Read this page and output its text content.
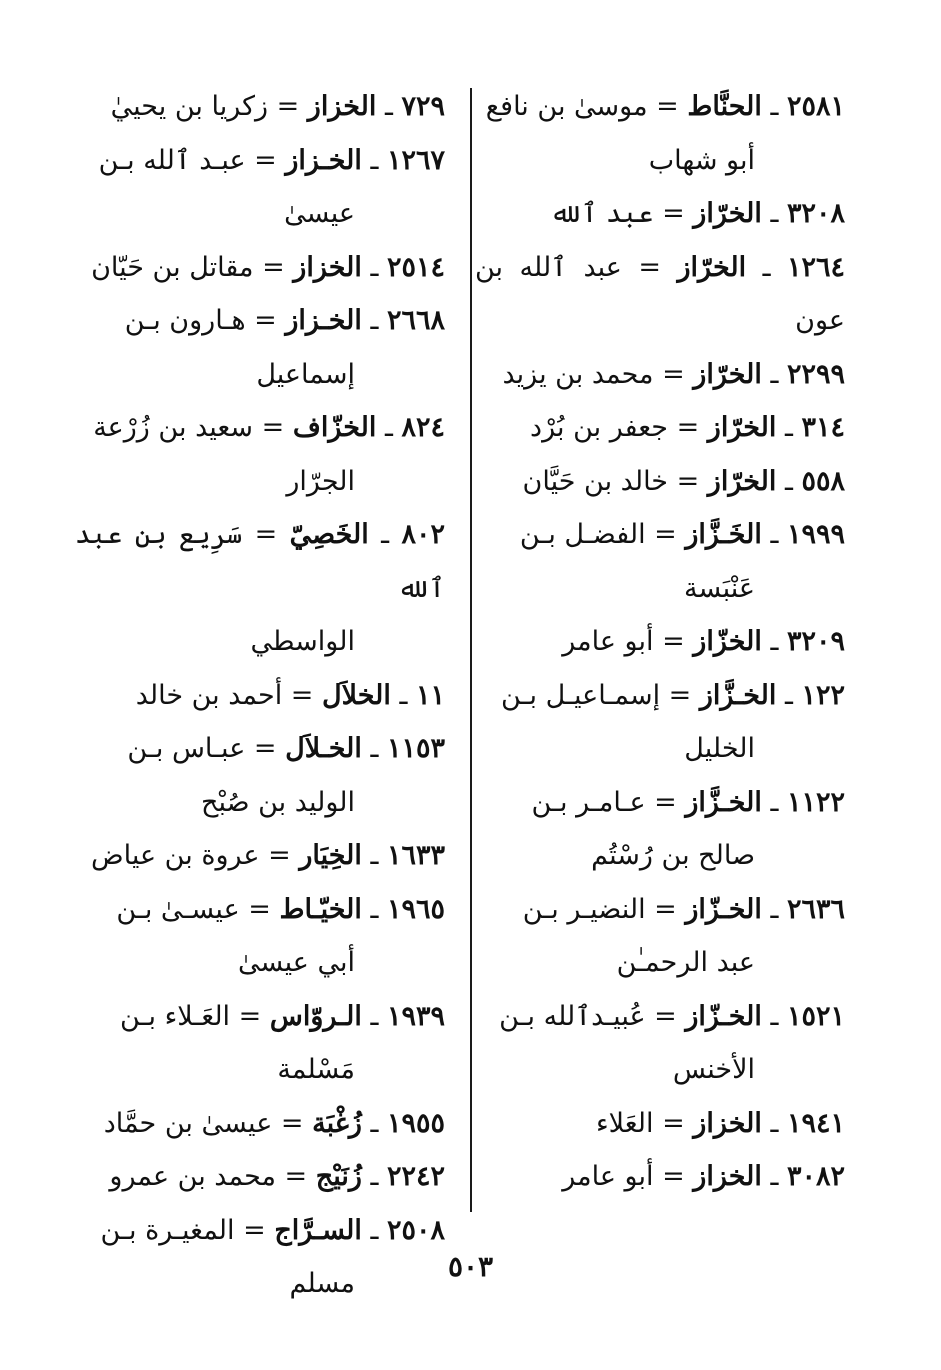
٢٥٨١ ـ الحنَّاط = موسىٰ بن نافع
أبو شهاب

٣٢٠٨ ـ الخرّاز = عبد ٱلله

١٢٦٤ ـ الخرّاز = عبد ٱلله بن عون

٢٢٩٩ ـ الخرّاز = محمد بن يزيد

٣١٤ ـ الخرّاز = جعفر بن بُرْد

٥٥٨ ـ الخرّاز = خالد بن حَيَّان

١٩٩٩ ـ الخَـزَّاز = الفضـل بـن
عَنْبَسة

٣٢٠٩ ـ الخزّاز = أبو عامر

١٢٢ ـ الخـزَّاز = إسمـاعيـل بـن
الخليل

١١٢٢ ـ الخـزَّاز = عـامـر بـن
صالح بن رُسْتُم

٢٦٣٦ ـ الخـزّاز = النضيـر بـن
عبد الرحمـٰن

١٥٢١ ـ الخـزّاز = عُبيـدٱلله بـن
الأخنس

١٩٤١ ـ الخزاز = العَلاء

٣٠٨٢ ـ الخزاز = أبو عامر

٧٢٩ ـ الخزاز = زكريا بن يحييٰ

١٢٦٧ ـ الخـزاز = عبـد ٱلله بـن
عيسىٰ

٢٥١٤ ـ الخزاز = مقاتل بن حَيّان

٢٦٦٨ ـ الخـزاز = هـارون بـن
إسماعيل

٨٢٤ ـ الخزّاف = سعيد بن زُرْعة
الجرّار

٨٠٢ ـ الخَصِيّ = سَرِيع بن عبد ٱلله
الواسطي

١١ ـ الخلاَل = أحمد بن خالد

١١٥٣ ـ الخـلاَل = عبـاس بـن
الوليد بن صُبْح

١٦٣٣ ـ الخِيَار = عروة بن عياض

١٩٦٥ ـ الخيّـاط = عيسـىٰ بـن
أبي عيسىٰ

١٩٣٩ ـ الـروّاس = العَـلاء بـن
مَسْلمة

١٩٥٥ ـ زُغْبَة = عيسىٰ بن حمَّاد

٢٢٤٢ ـ زُنَيْج = محمد بن عمرو

٢٥٠٨ ـ السـرَّاج = المغيـرة بـن
مسلم

٥٠٣
